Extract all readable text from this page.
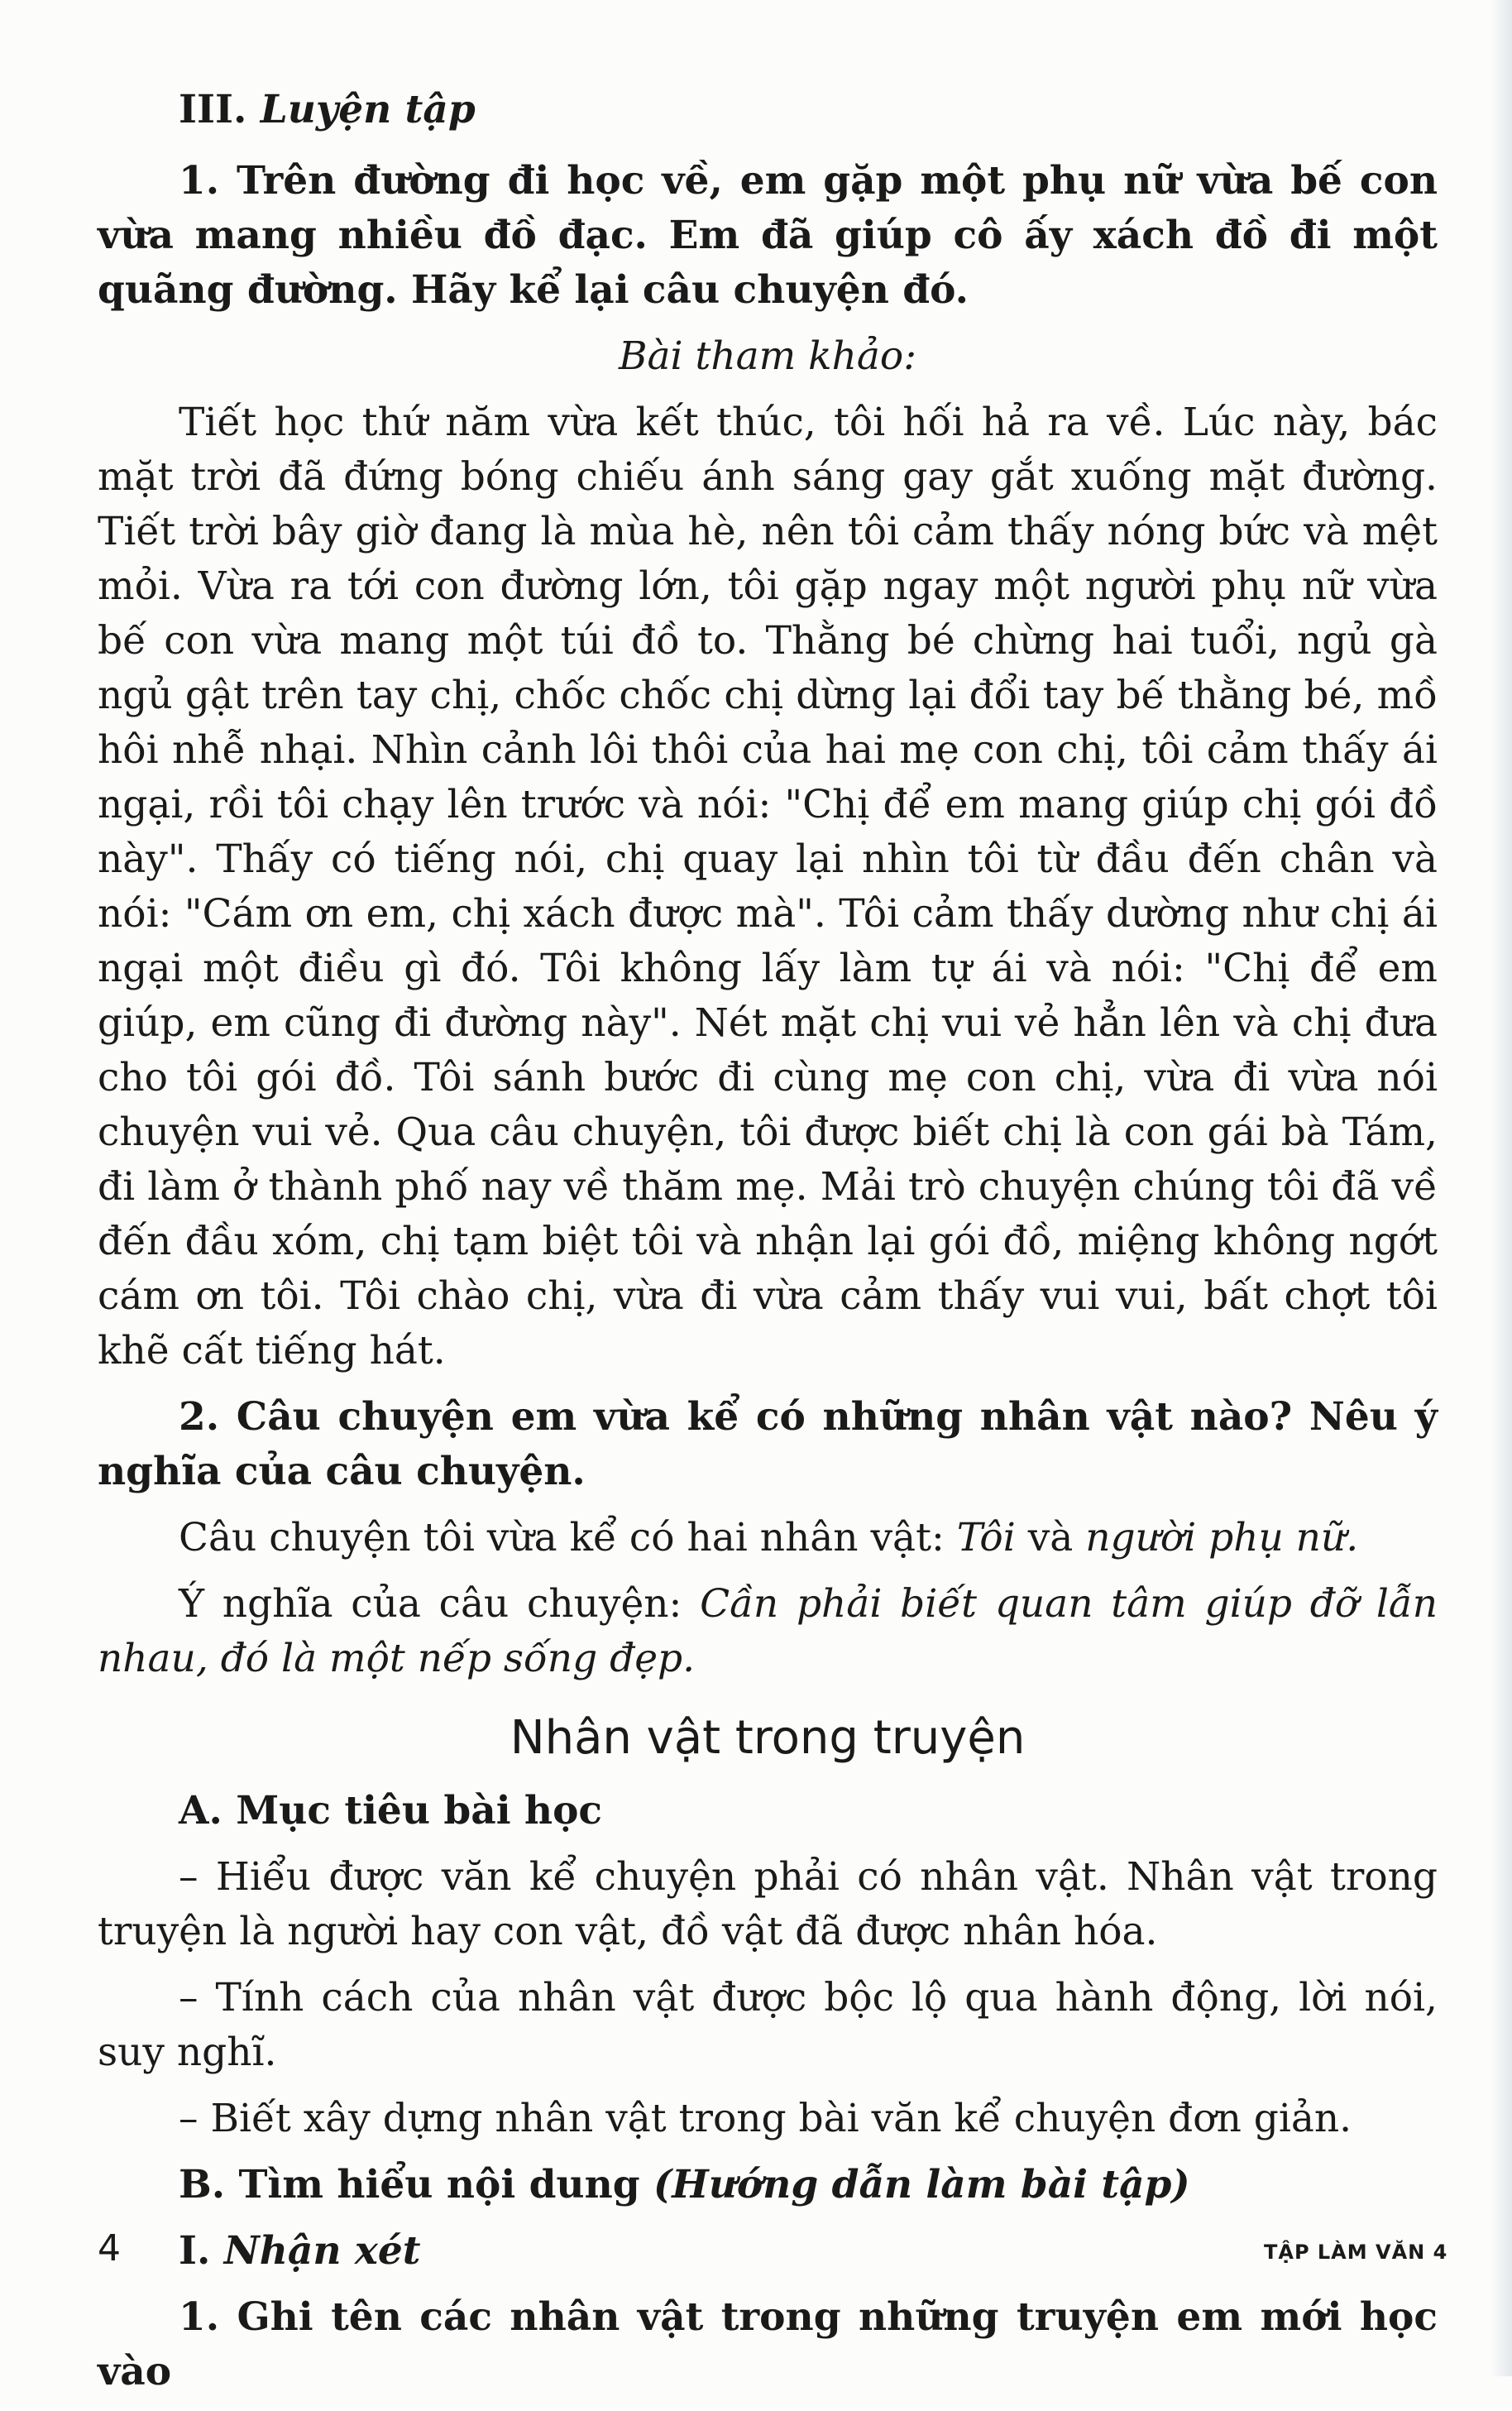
III. Luyện tập

1. Trên đường đi học về, em gặp một phụ nữ vừa bế con vừa mang nhiều đồ đạc. Em đã giúp cô ấy xách đồ đi một quãng đường. Hãy kể lại câu chuyện đó.

Bài tham khảo:

Tiết học thứ năm vừa kết thúc, tôi hối hả ra về. Lúc này, bác mặt trời đã đứng bóng chiếu ánh sáng gay gắt xuống mặt đường. Tiết trời bây giờ đang là mùa hè, nên tôi cảm thấy nóng bức và mệt mỏi. Vừa ra tới con đường lớn, tôi gặp ngay một người phụ nữ vừa bế con vừa mang một túi đồ to. Thằng bé chừng hai tuổi, ngủ gà ngủ gật trên tay chị, chốc chốc chị dừng lại đổi tay bế thằng bé, mồ hôi nhễ nhại. Nhìn cảnh lôi thôi của hai mẹ con chị, tôi cảm thấy ái ngại, rồi tôi chạy lên trước và nói: "Chị để em mang giúp chị gói đồ này". Thấy có tiếng nói, chị quay lại nhìn tôi từ đầu đến chân và nói: "Cám ơn em, chị xách được mà". Tôi cảm thấy dường như chị ái ngại một điều gì đó. Tôi không lấy làm tự ái và nói: "Chị để em giúp, em cũng đi đường này". Nét mặt chị vui vẻ hẳn lên và chị đưa cho tôi gói đồ. Tôi sánh bước đi cùng mẹ con chị, vừa đi vừa nói chuyện vui vẻ. Qua câu chuyện, tôi được biết chị là con gái bà Tám, đi làm ở thành phố nay về thăm mẹ. Mải trò chuyện chúng tôi đã về đến đầu xóm, chị tạm biệt tôi và nhận lại gói đồ, miệng không ngớt cám ơn tôi. Tôi chào chị, vừa đi vừa cảm thấy vui vui, bất chợt tôi khẽ cất tiếng hát.

2. Câu chuyện em vừa kể có những nhân vật nào? Nêu ý nghĩa của câu chuyện.

Câu chuyện tôi vừa kể có hai nhân vật: Tôi và người phụ nữ.

Ý nghĩa của câu chuyện: Cần phải biết quan tâm giúp đỡ lẫn nhau, đó là một nếp sống đẹp.

Nhân vật trong truyện

A. Mục tiêu bài học

– Hiểu được văn kể chuyện phải có nhân vật. Nhân vật trong truyện là người hay con vật, đồ vật đã được nhân hóa.

– Tính cách của nhân vật được bộc lộ qua hành động, lời nói, suy nghĩ.

– Biết xây dựng nhân vật trong bài văn kể chuyện đơn giản.

B. Tìm hiểu nội dung (Hướng dẫn làm bài tập)

I. Nhận xét

1. Ghi tên các nhân vật trong những truyện em mới học vào

4	TẬP LÀM VĂN 4
